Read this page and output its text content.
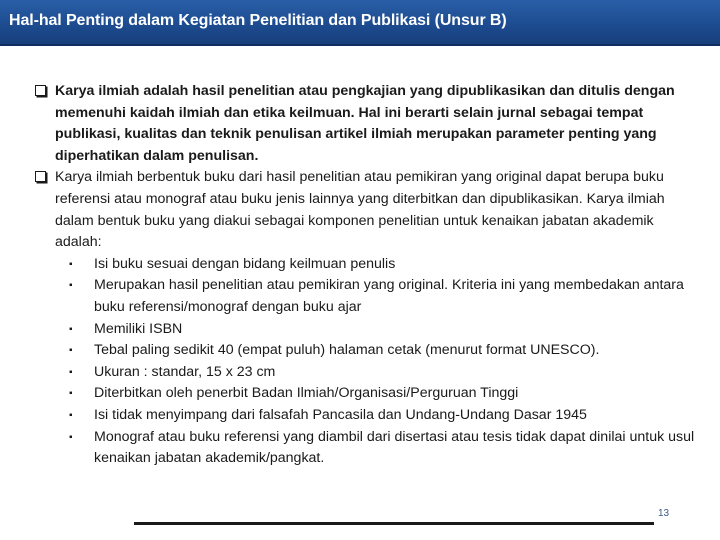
Hal-hal Penting dalam Kegiatan Penelitian dan Publikasi (Unsur B)
Karya ilmiah adalah hasil penelitian atau pengkajian yang dipublikasikan dan ditulis dengan memenuhi kaidah ilmiah dan etika keilmuan. Hal ini berarti selain jurnal sebagai tempat publikasi, kualitas dan teknik penulisan artikel ilmiah merupakan parameter penting yang diperhatikan dalam penulisan.
Karya ilmiah berbentuk buku dari hasil penelitian atau pemikiran yang original dapat berupa buku referensi atau monograf atau buku jenis lainnya yang diterbitkan dan dipublikasikan. Karya ilmiah dalam bentuk buku yang diakui sebagai komponen penelitian untuk kenaikan jabatan akademik adalah:
▪ Isi buku sesuai dengan bidang keilmuan penulis
▪ Merupakan hasil penelitian atau pemikiran yang original. Kriteria ini yang membedakan antara buku referensi/monograf dengan buku ajar
▪ Memiliki ISBN
▪ Tebal paling sedikit 40 (empat puluh) halaman cetak (menurut format UNESCO).
▪ Ukuran : standar, 15 x 23 cm
▪ Diterbitkan oleh penerbit Badan Ilmiah/Organisasi/Perguruan Tinggi
▪ Isi tidak menyimpang dari falsafah Pancasila dan Undang-Undang Dasar 1945
▪ Monograf atau buku referensi yang diambil dari disertasi atau tesis tidak dapat dinilai untuk usul kenaikan jabatan akademik/pangkat.
13
